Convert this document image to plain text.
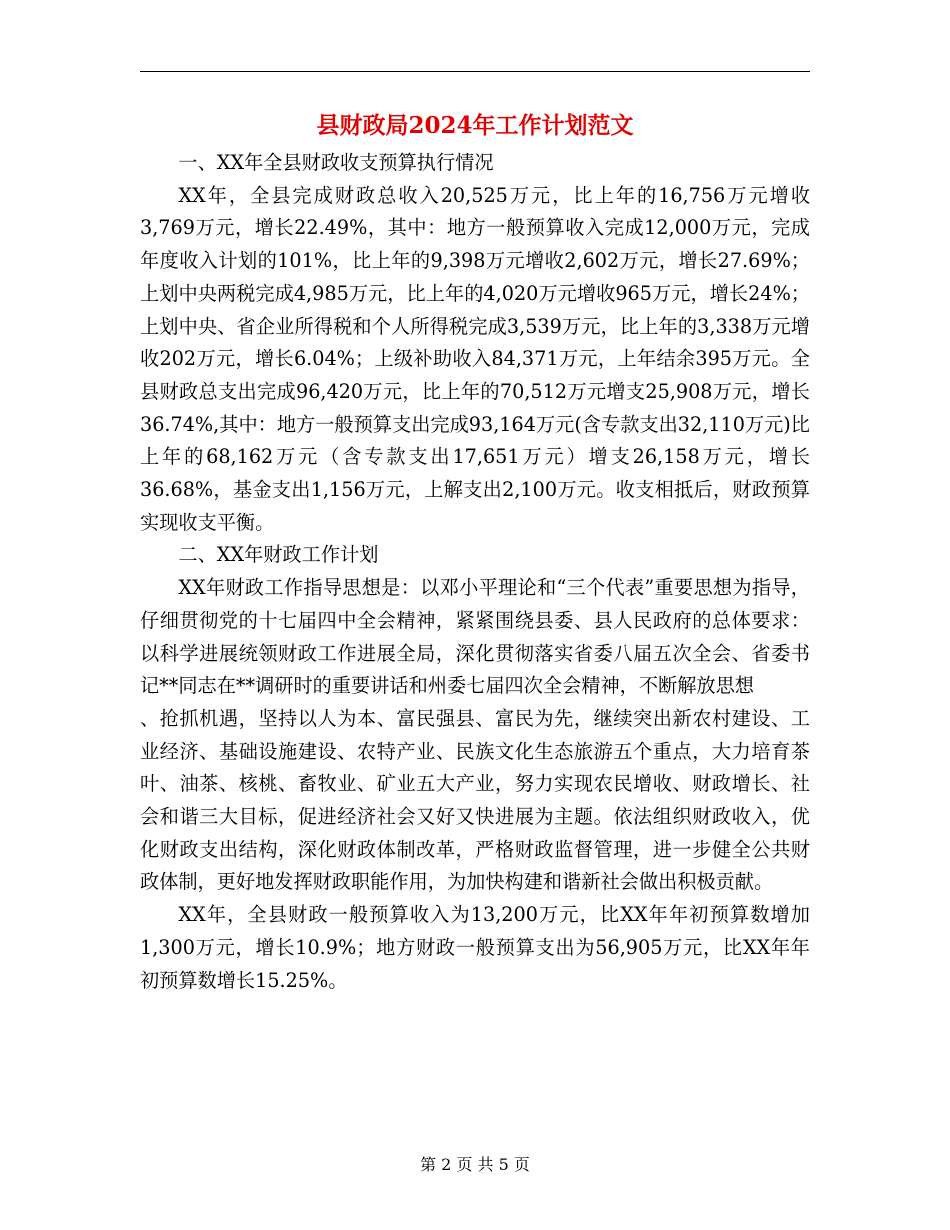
县财政局2024年工作计划范文

一、XX年全县财政收支预算执行情况

XX年，全县完成财政总收入20,525万元，比上年的16,756万元增收3,769万元，增长22.49%，其中：地方一般预算收入完成12,000万元，完成年度收入计划的101%，比上年的9,398万元增收2,602万元，增长27.69%；上划中央两税完成4,985万元，比上年的4,020万元增收965万元，增长24%；上划中央、省企业所得税和个人所得税完成3,539万元，比上年的3,338万元增收202万元，增长6.04%；上级补助收入84,371万元，上年结余395万元。全县财政总支出完成96,420万元，比上年的70,512万元增支25,908万元，增长36.74%,其中：地方一般预算支出完成93,164万元(含专款支出32,110万元)比上年的68,162万元（含专款支出17,651万元）增支26,158万元，增长36.68%，基金支出1,156万元，上解支出2,100万元。收支相抵后，财政预算实现收支平衡。

二、XX年财政工作计划

XX年财政工作指导思想是：以邓小平理论和“三个代表”重要思想为指导，仔细贯彻党的十七届四中全会精神，紧紧围绕县委、县人民政府的总体要求：以科学进展统领财政工作进展全局，深化贯彻落实省委八届五次全会、省委书记**同志在**调研时的重要讲话和州委七届四次全会精神，不断解放思想

、抢抓机遇，坚持以人为本、富民强县、富民为先，继续突出新农村建设、工业经济、基础设施建设、农特产业、民族文化生态旅游五个重点，大力培育茶叶、油茶、核桃、畜牧业、矿业五大产业，努力实现农民增收、财政增长、社会和谐三大目标，促进经济社会又好又快进展为主题。依法组织财政收入，优化财政支出结构，深化财政体制改革，严格财政监督管理，进一步健全公共财政体制，更好地发挥财政职能作用，为加快构建和谐新社会做出积极贡献。

XX年，全县财政一般预算收入为13,200万元，比XX年年初预算数增加1,300万元，增长10.9%；地方财政一般预算支出为56,905万元，比XX年年初预算数增长15.25%。

第 2 页 共 5 页
